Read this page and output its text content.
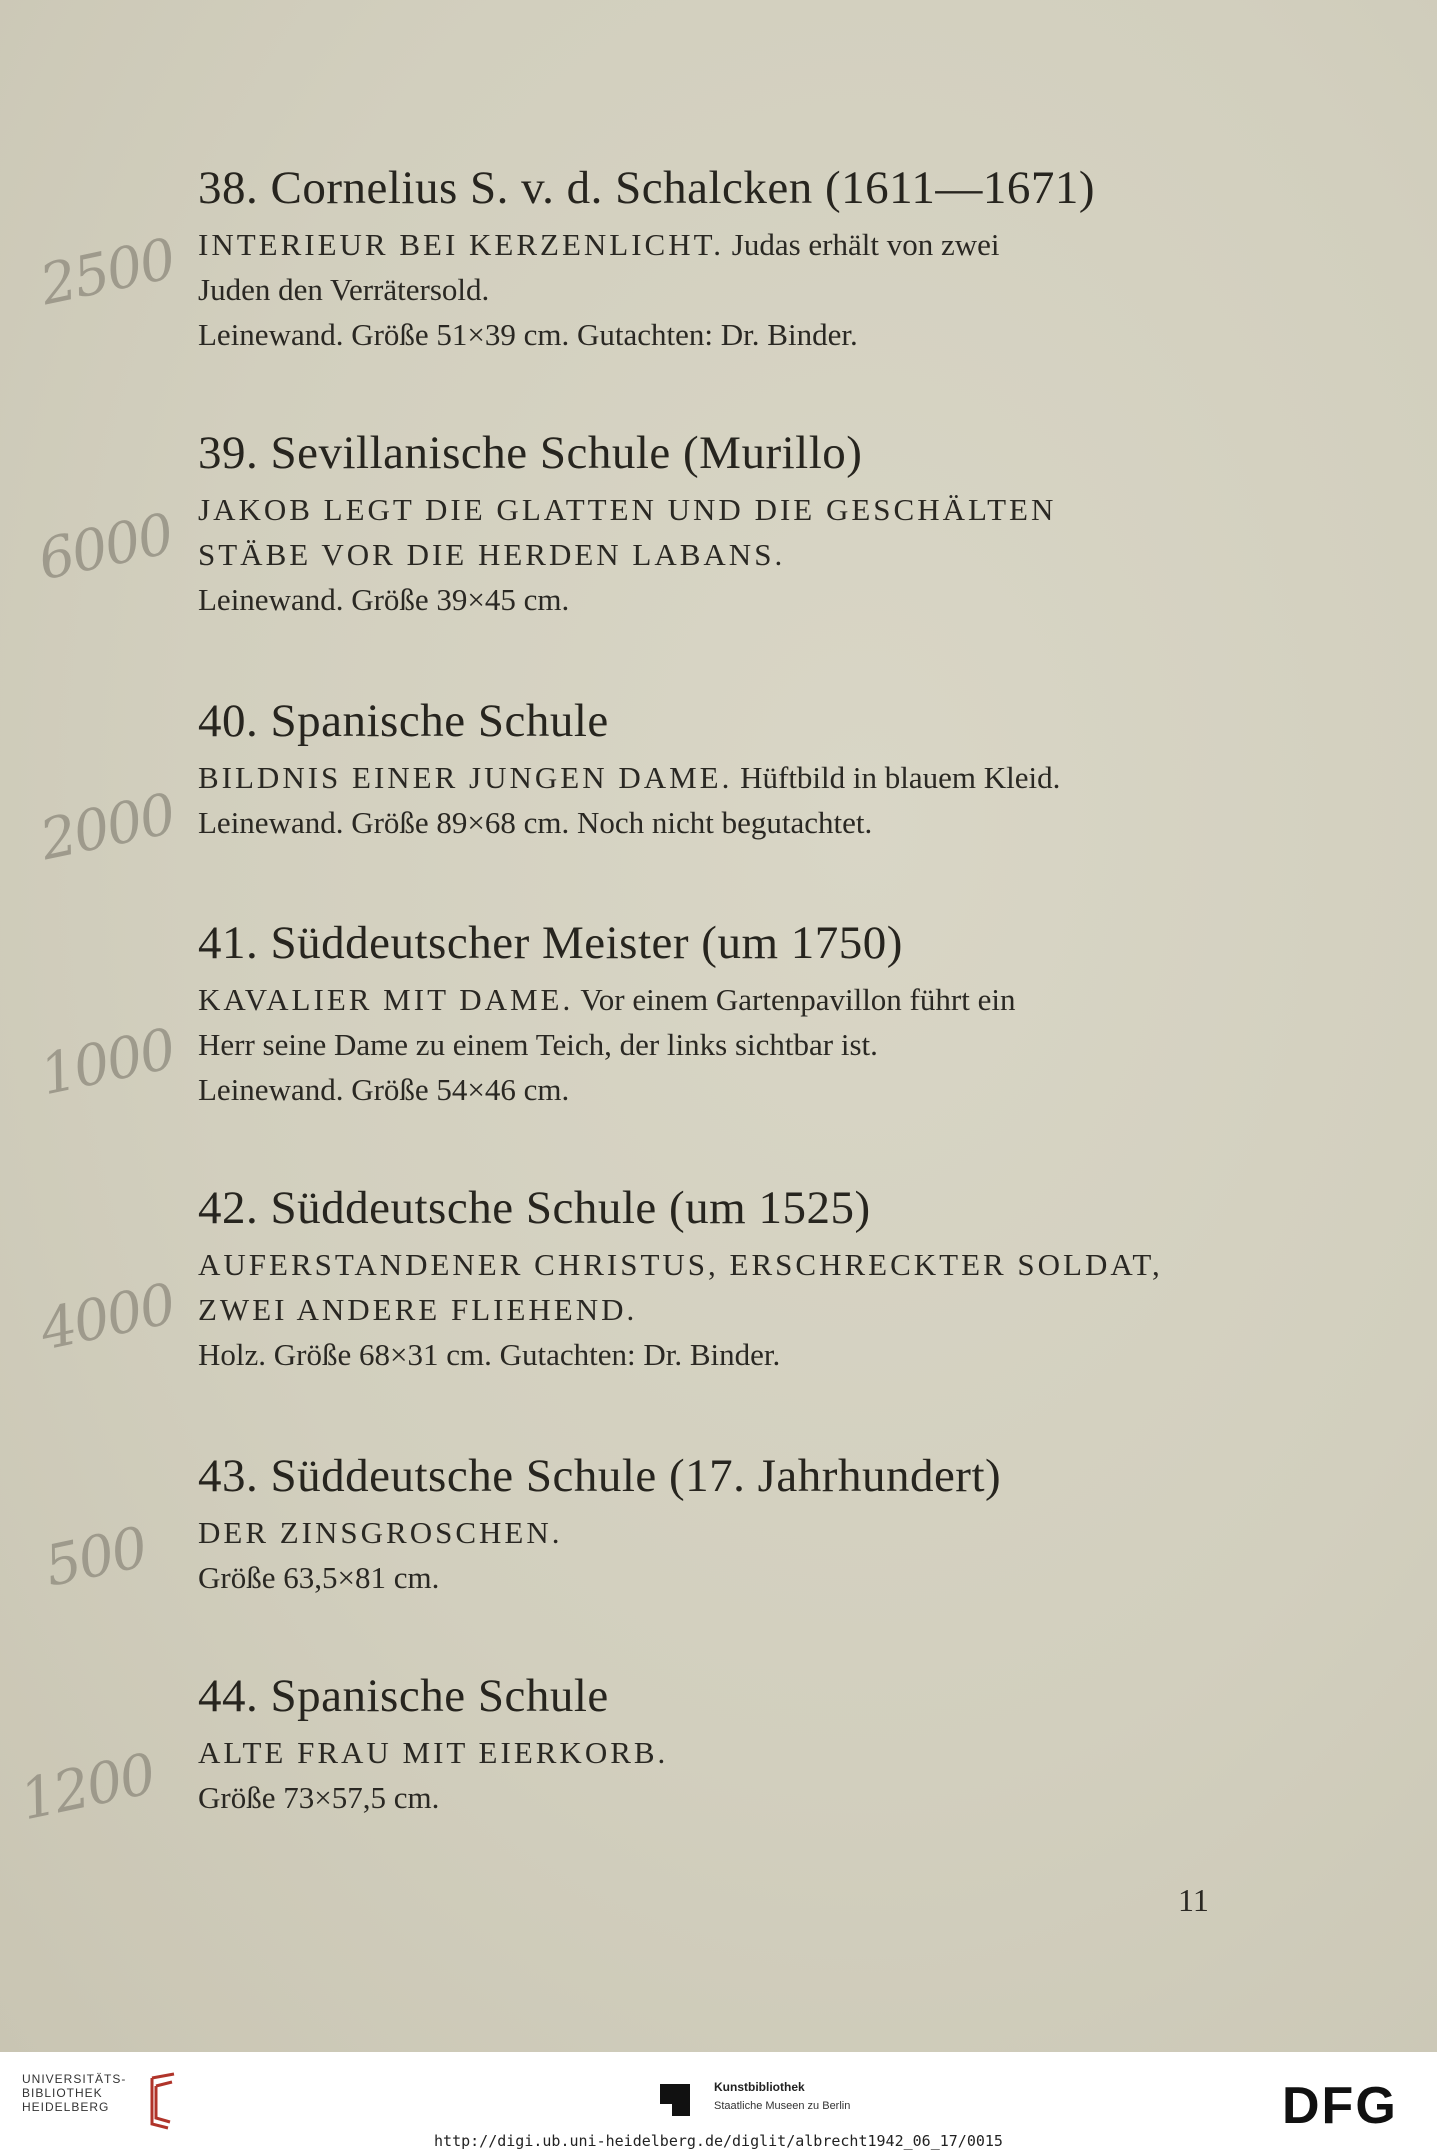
2500
38. Cornelius S. v. d. Schalcken (1611—1671)
INTERIEUR BEI KERZENLICHT. Judas erhält von zwei
Juden den Verrätersold.
Leinewand. Größe 51×39 cm. Gutachten: Dr. Binder.
6000
39. Sevillanische Schule (Murillo)
JAKOB LEGT DIE GLATTEN UND DIE GESCHÄLTEN
STÄBE VOR DIE HERDEN LABANS.
Leinewand. Größe 39×45 cm.
2000
40. Spanische Schule
BILDNIS EINER JUNGEN DAME. Hüftbild in blauem Kleid.
Leinewand. Größe 89×68 cm. Noch nicht begutachtet.
1000
41. Süddeutscher Meister (um 1750)
KAVALIER MIT DAME. Vor einem Gartenpavillon führt ein
Herr seine Dame zu einem Teich, der links sichtbar ist.
Leinewand. Größe 54×46 cm.
4000
42. Süddeutsche Schule (um 1525)
AUFERSTANDENER CHRISTUS, ERSCHRECKTER SOLDAT,
ZWEI ANDERE FLIEHEND.
Holz. Größe 68×31 cm. Gutachten: Dr. Binder.
500
43. Süddeutsche Schule (17. Jahrhundert)
DER ZINSGROSCHEN.
Größe 63,5×81 cm.
1200
44. Spanische Schule
ALTE FRAU MIT EIERKORB.
Größe 73×57,5 cm.
11
UNIVERSITÄTS-
BIBLIOTHEK
HEIDELBERG
Kunstbibliothek
Staatliche Museen zu Berlin	DFG
http://digi.ub.uni-heidelberg.de/diglit/albrecht1942_06_17/0015
